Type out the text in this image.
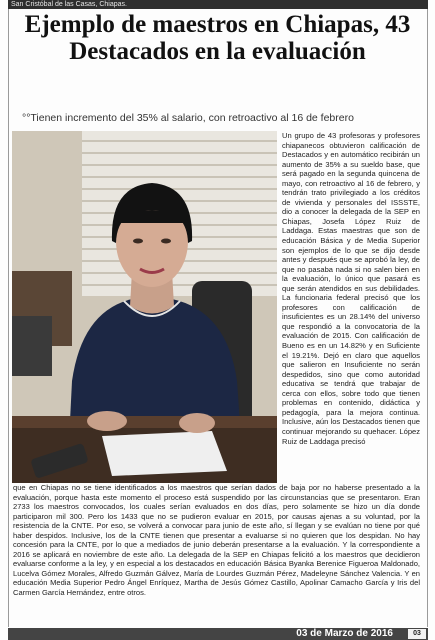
San Cristóbal de las Casas, Chiapas.
Ejemplo de maestros en Chiapas, 43 Destacados en la evaluación

°°Tienen incremento del 35% al salario, con retroactivo al 16 de febrero

Un grupo de 43 profesoras y profesores chiapanecos obtuvieron calificación de Destacados y en automático recibirán un aumento de 35% a su sueldo base, que será pagado en la segunda quincena de mayo, con retroactivo al 16 de febrero, y tendrán trato privilegiado a los créditos de vivienda y personales del ISSSTE, dio a conocer la delegada de la SEP en Chiapas, Josefa López Ruiz de Laddaga. Estas maestras que son de educación Básica y de Media Superior son ejemplos de lo que se dijo desde antes y después que se aprobó la ley, de que no pasaba nada si no salen bien en la evaluación, lo único que pasará es que serán atendidos en sus debilidades. La funcionaria federal precisó que los profesores con calificación de insuficientes es un 28.14% del universo que respondió a la convocatoria de la evaluación de 2015. Con calificación de Bueno es en un 14.82% y en Suficiente el 19.21%. Dejó en claro que aquellos que salieron en Insuficiente no serán despedidos, sino que como autoridad educativa se tendrá que trabajar de cerca con ellos, sobre todo que tienen problemas en contenido, didáctica y pedagogía, para la mejora continua. Inclusive, aún los Destacados tienen que continuar mejorando su quehacer. López Ruiz de Laddaga precisó

que en Chiapas no se tiene identificados a los maestros que serían dados de baja por no haberse presentado a la evaluación, porque hasta este momento el proceso está suspendido por las circunstancias que se presentaron. Eran 2733 los maestros convocados, los cuales serían evaluados en dos días, pero solamente se hizo un día donde participaron mil 300. Pero los 1433 que no se pudieron evaluar en 2015, por causas ajenas a su voluntad, por la resistencia de la CNTE. Por eso, se volverá a convocar para junio de este año, sí llegan y se evalúan no tiene por qué haber despidos. Inclusive, los de la CNTE tienen que presentar a evaluarse si no quieren que los despidan. No hay concesión para la CNTE, por lo que a mediados de junio deberán presentarse a la evaluación. Y la correspondiente a 2016 se aplicará en noviembre de este año. La delegada de la SEP en Chiapas felicitó a los maestros que decidieron evaluarse conforme a la ley, y en especial a los destacados en educación Básica Byanka Berenice Figueroa Maldonado, Lucelva Gómez Morales, Alfredo Guzmán Gálvez, María de Lourdes Guzmán Pérez, Madeleyne Sánchez Valencia. Y en educación Media Superior Pedro Ángel Enríquez, Martha de Jesús Gómez Castillo, Apolinar Camacho García y Iris del Carmen García Hernández, entre otros.

03 de Marzo de 2016	03
